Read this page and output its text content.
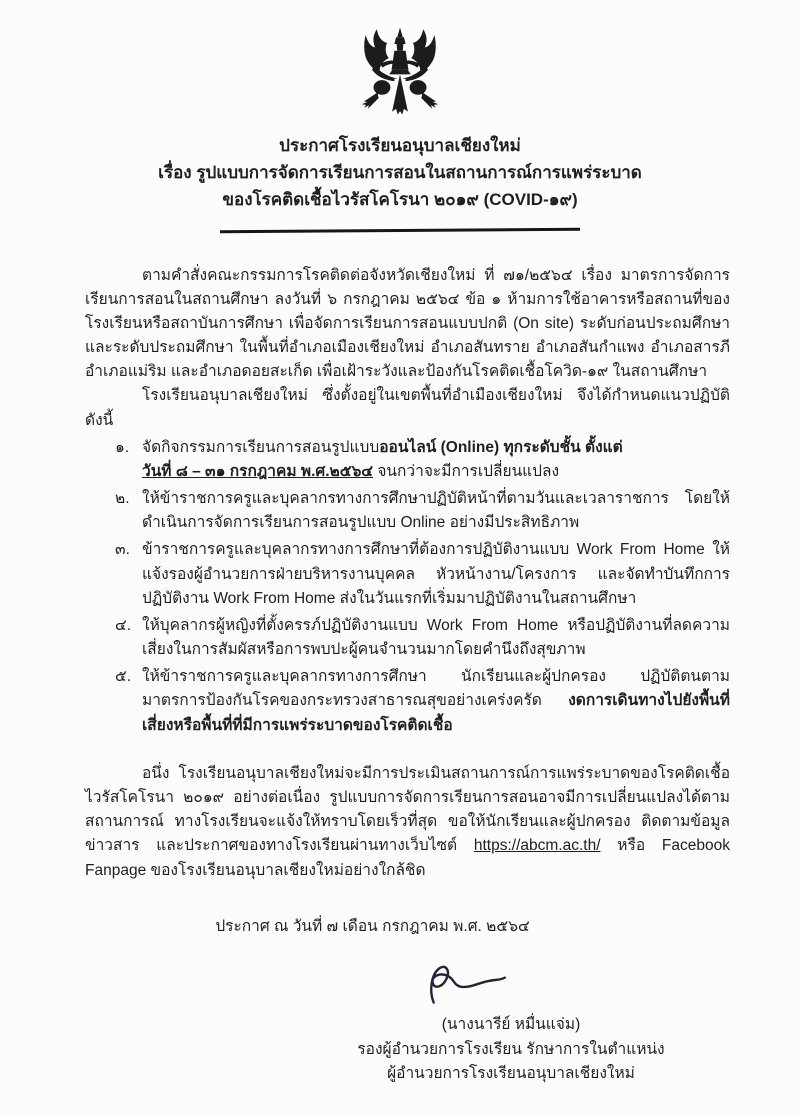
ประกาศโรงเรียนอนุบาลเชียงใหม่
เรื่อง รูปแบบการจัดการเรียนการสอนในสถานการณ์การแพร่ระบาด
ของโรคติดเชื้อไวรัสโคโรนา ๒๐๑๙ (COVID-๑๙)

ตามคำสั่งคณะกรรมการโรคติดต่อจังหวัดเชียงใหม่ ที่ ๗๑/๒๕๖๔ เรื่อง มาตรการจัดการเรียนการสอนในสถานศึกษา ลงวันที่ ๖ กรกฎาคม ๒๕๖๔ ข้อ ๑ ห้ามการใช้อาคารหรือสถานที่ของโรงเรียนหรือสถาบันการศึกษา เพื่อจัดการเรียนการสอนแบบปกติ (On site) ระดับก่อนประถมศึกษาและระดับประถมศึกษา ในพื้นที่อำเภอเมืองเชียงใหม่ อำเภอสันทราย อำเภอสันกำแพง อำเภอสารภี อำเภอแม่ริม และอำเภอดอยสะเก็ด เพื่อเฝ้าระวังและป้องกันโรคติดเชื้อโควิด-๑๙ ในสถานศึกษา

โรงเรียนอนุบาลเชียงใหม่ ซึ่งตั้งอยู่ในเขตพื้นที่อำเมืองเชียงใหม่ จึงได้กำหนดแนวปฏิบัติ ดังนี้

๑. จัดกิจกรรมการเรียนการสอนรูปแบบออนไลน์ (Online) ทุกระดับชั้น ตั้งแต่
วันที่ ๘ – ๓๑ กรกฎาคม พ.ศ.๒๕๖๔ จนกว่าจะมีการเปลี่ยนแปลง
๒. ให้ข้าราชการครูและบุคลากรทางการศึกษาปฏิบัติหน้าที่ตามวันและเวลาราชการ โดยให้ดำเนินการจัดการเรียนการสอนรูปแบบ Online อย่างมีประสิทธิภาพ
๓. ข้าราชการครูและบุคลากรทางการศึกษาที่ต้องการปฏิบัติงานแบบ Work From Home ให้แจ้งรองผู้อำนวยการฝ่ายบริหารงานบุคคล หัวหน้างาน/โครงการ และจัดทำบันทึกการปฏิบัติงาน Work From Home ส่งในวันแรกที่เริ่มมาปฏิบัติงานในสถานศึกษา
๔. ให้บุคลากรผู้หญิงที่ตั้งครรภ์ปฏิบัติงานแบบ Work From Home หรือปฏิบัติงานที่ลดความเสี่ยงในการสัมผัสหรือการพบปะผู้คนจำนวนมากโดยคำนึงถึงสุขภาพ
๕. ให้ข้าราชการครูและบุคลากรทางการศึกษา นักเรียนและผู้ปกครอง ปฏิบัติตนตามมาตรการป้องกันโรคของกระทรวงสาธารณสุขอย่างเคร่งครัด งดการเดินทางไปยังพื้นที่เสี่ยงหรือพื้นที่ที่มีการแพร่ระบาดของโรคติดเชื้อ

อนึ่ง โรงเรียนอนุบาลเชียงใหม่จะมีการประเมินสถานการณ์การแพร่ระบาดของโรคติดเชื้อไวรัสโคโรนา ๒๐๑๙ อย่างต่อเนื่อง รูปแบบการจัดการเรียนการสอนอาจมีการเปลี่ยนแปลงได้ตามสถานการณ์ ทางโรงเรียนจะแจ้งให้ทราบโดยเร็วที่สุด ขอให้นักเรียนและผู้ปกครอง ติดตามข้อมูล ข่าวสาร และประกาศของทางโรงเรียนผ่านทางเว็บไซต์ https://abcm.ac.th/ หรือ Facebook Fanpage ของโรงเรียนอนุบาลเชียงใหม่อย่างใกล้ชิด

ประกาศ ณ วันที่ ๗ เดือน กรกฎาคม พ.ศ. ๒๕๖๔

(นางนารีย์ หมื่นแจ่ม)
รองผู้อำนวยการโรงเรียน รักษาการในตำแหน่ง
ผู้อำนวยการโรงเรียนอนุบาลเชียงใหม่
